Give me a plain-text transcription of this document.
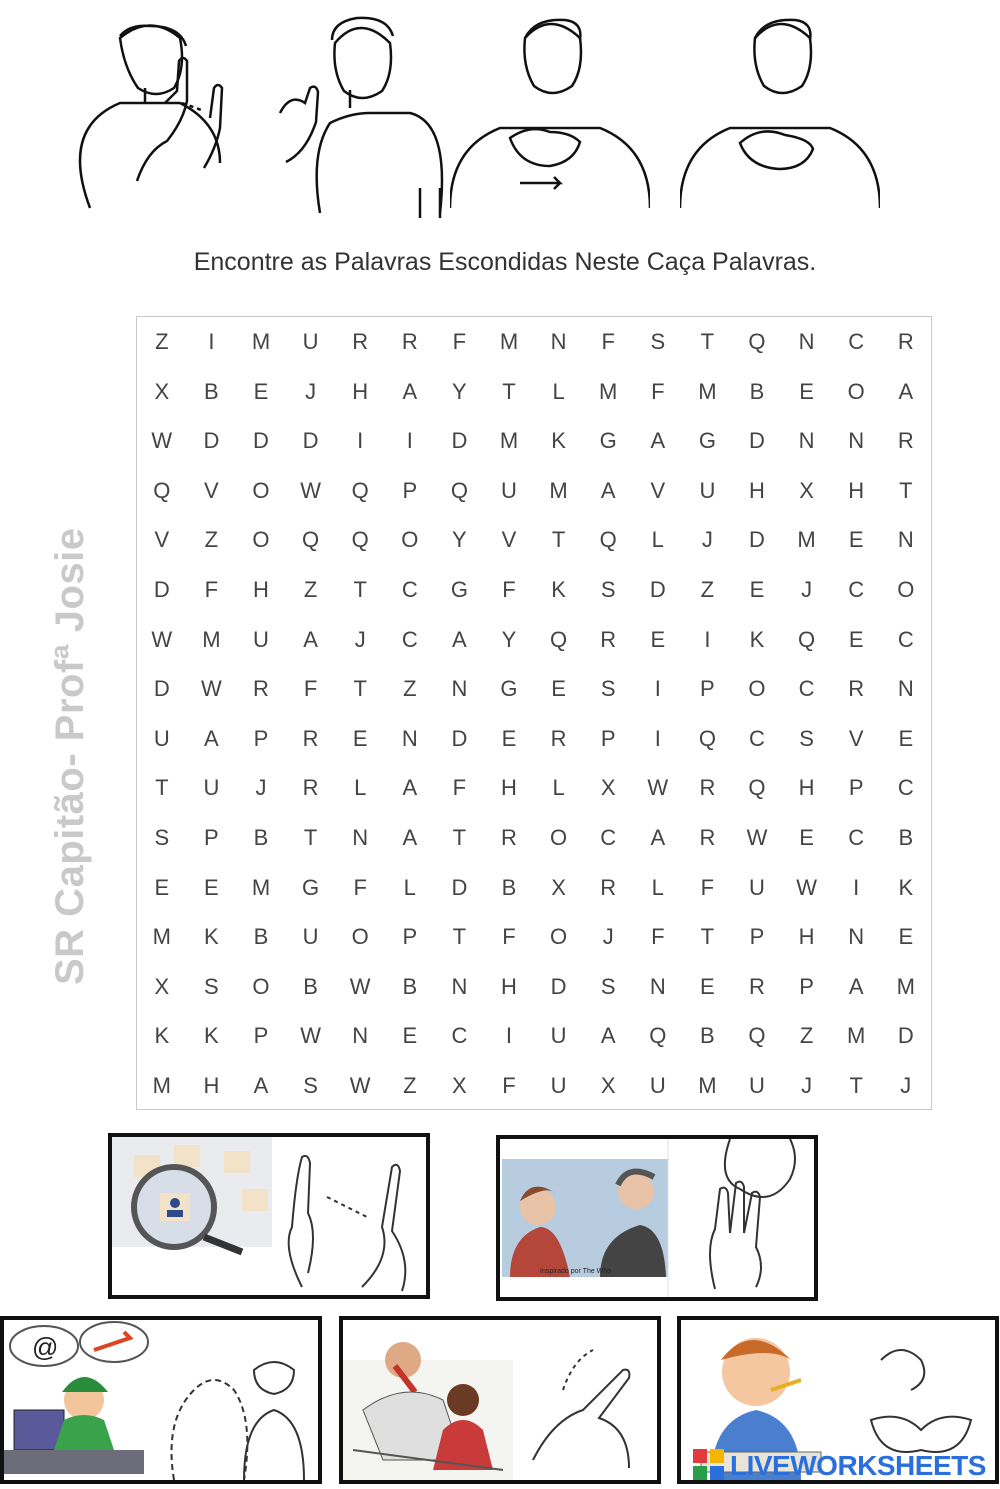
Encontre as Palavras Escondidas Neste Caça Palavras.
Z	I	M	U	R	R	F	M	N	F	S	T	Q	N	C	R
X	B	E	J	H	A	Y	T	L	M	F	M	B	E	O	A
W	D	D	D	I	I	D	M	K	G	A	G	D	N	N	R
Q	V	O	W	Q	P	Q	U	M	A	V	U	H	X	H	T
V	Z	O	Q	Q	O	Y	V	T	Q	L	J	D	M	E	N
D	F	H	Z	T	C	G	F	K	S	D	Z	E	J	C	O
W	M	U	A	J	C	A	Y	Q	R	E	I	K	Q	E	C
D	W	R	F	T	Z	N	G	E	S	I	P	O	C	R	N
U	A	P	R	E	N	D	E	R	P	I	Q	C	S	V	E
T	U	J	R	L	A	F	H	L	X	W	R	Q	H	P	C
S	P	B	T	N	A	T	R	O	C	A	R	W	E	C	B
E	E	M	G	F	L	D	B	X	R	L	F	U	W	I	K
M	K	B	U	O	P	T	F	O	J	F	T	P	H	N	E
X	S	O	B	W	B	N	H	D	S	N	E	R	P	A	M
K	K	P	W	N	E	C	I	U	A	Q	B	Q	Z	M	D
M	H	A	S	W	Z	X	F	U	X	U	M	U	J	T	J
SR Capitão- Profª Josie
Inspirado por The Who
@
LIVEWORKSHEETS
